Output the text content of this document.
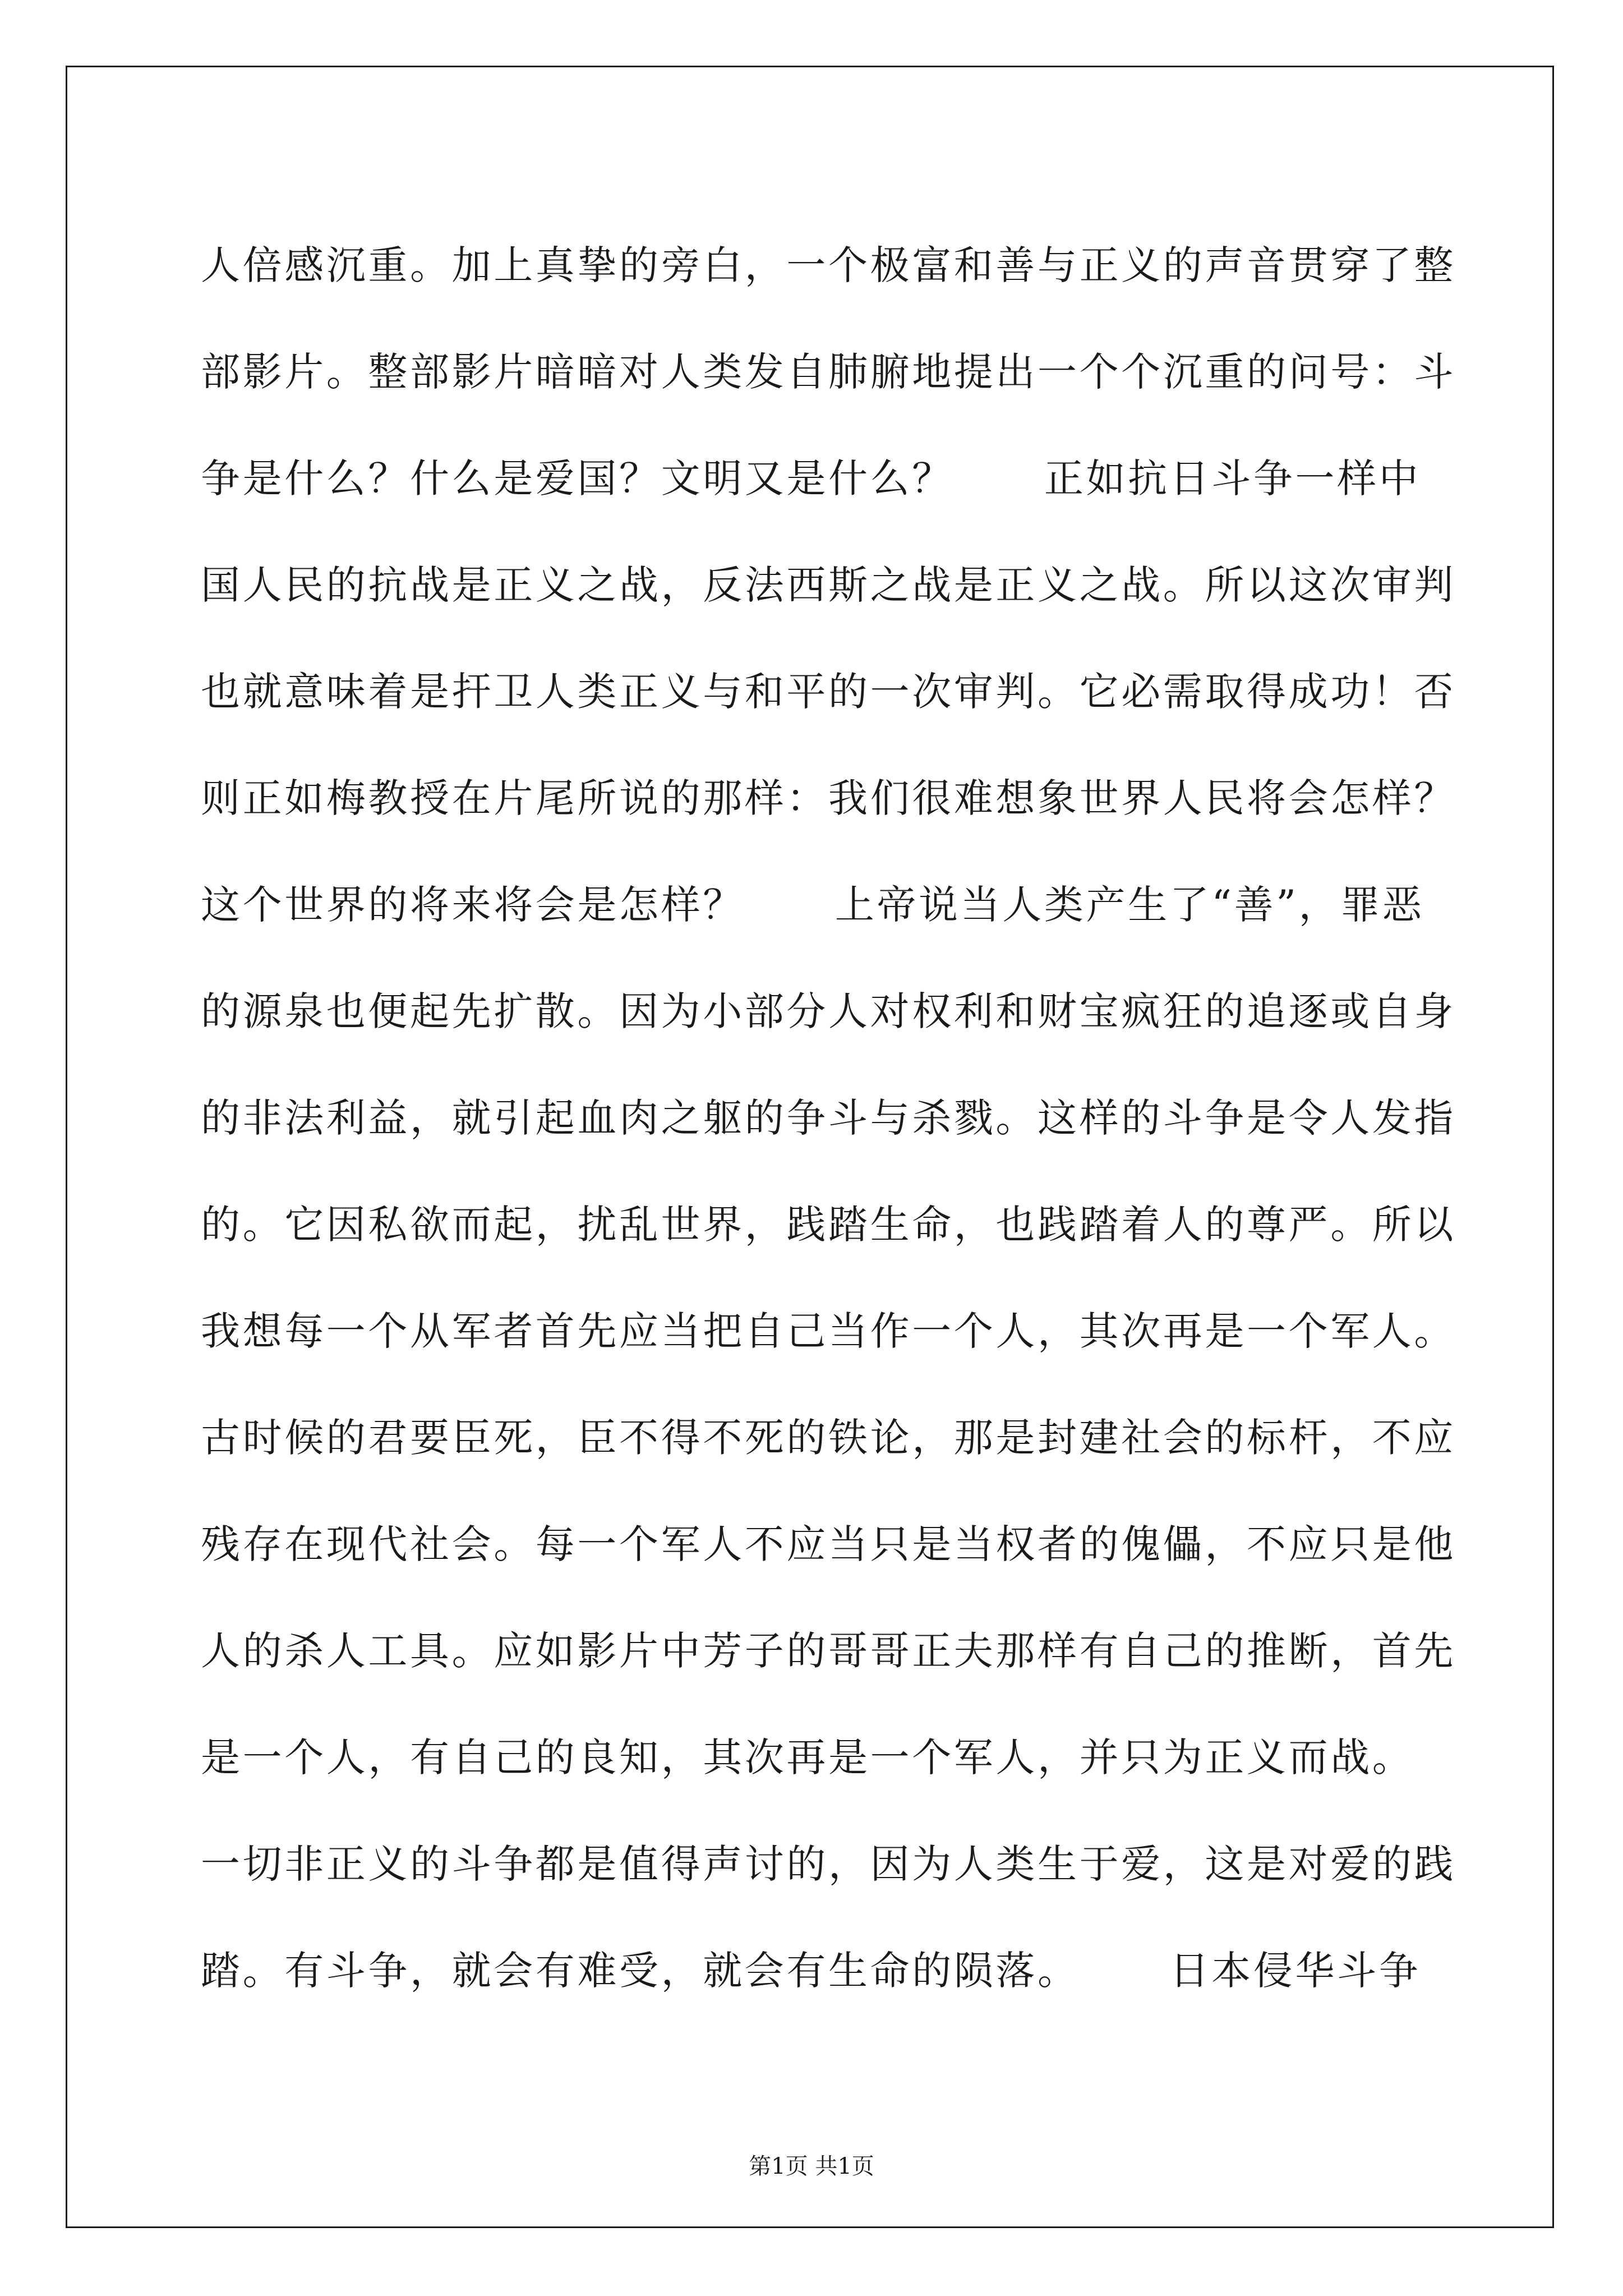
人倍感沉重。加上真挚的旁白，一个极富和善与正义的声音贯穿了整
部影片。整部影片暗暗对人类发自肺腑地提出一个个沉重的问号：斗
争是什么？什么是爱国？文明又是什么？      正如抗日斗争一样中
国人民的抗战是正义之战，反法西斯之战是正义之战。所以这次审判
也就意味着是扞卫人类正义与和平的一次审判。它必需取得成功！否
则正如梅教授在片尾所说的那样：我们很难想象世界人民将会怎样？
这个世界的将来将会是怎样？      上帝说当人类产生了“善”，罪恶
的源泉也便起先扩散。因为小部分人对权利和财宝疯狂的追逐或自身
的非法利益，就引起血肉之躯的争斗与杀戮。这样的斗争是令人发指
的。它因私欲而起，扰乱世界，践踏生命，也践踏着人的尊严。所以
我想每一个从军者首先应当把自己当作一个人，其次再是一个军人。
古时候的君要臣死，臣不得不死的铁论，那是封建社会的标杆，不应
残存在现代社会。每一个军人不应当只是当权者的傀儡，不应只是他
人的杀人工具。应如影片中芳子的哥哥正夫那样有自己的推断，首先
是一个人，有自己的良知，其次再是一个军人，并只为正义而战。
一切非正义的斗争都是值得声讨的，因为人类生于爱，这是对爱的践
踏。有斗争，就会有难受，就会有生命的陨落。      日本侵华斗争
第1页 共1页
